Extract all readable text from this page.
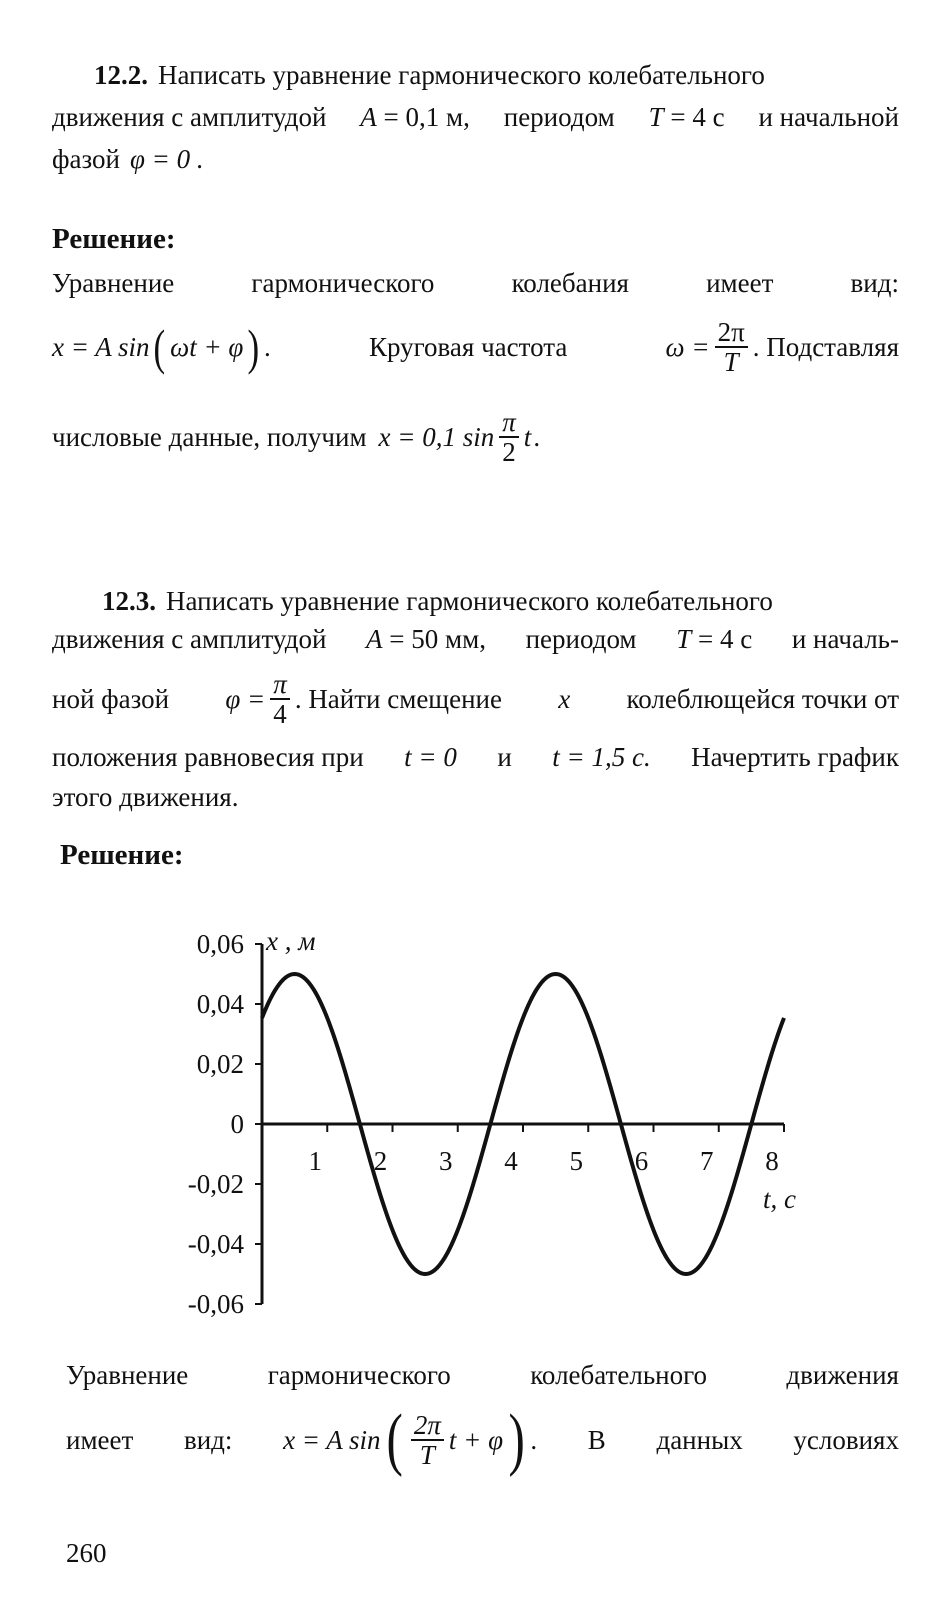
12.2. Написать уравнение гармонического колебательного
движения с амплитудой A = 0,1 м, периодом T = 4 с и начальной
фазой φ = 0 .
Решение:
Уравнение	гармонического	колебания	имеет	вид:
x = A sin ( ωt + φ ) .	Круговая частота	$\omega = \frac{2\pi}{T}$ . Подставляя
числовые данные, получим x = 0,1 $\sin \frac{\pi}{2}$ t .
12.3. Написать уравнение гармонического колебательного
движения с амплитудой A = 50 мм, периодом T = 4 с и началь-
ной фазой $\varphi = \frac{\pi}{4}$ . Найти смещение x колеблющейся точки от
положения равновесия при t = 0 и t = 1,5 с. Начертить график
этого движения.
Решение:
0,06
0,04
0,02
0
-0,02
-0,04
-0,06
1 2 3 4 5 6 7 8
x , м
t, с
Уравнение	гармонического	колебательного	движения
имеет вид: x = A sin ( $\frac{2\pi}{T}$ t + φ ) . В данных условиях
260
